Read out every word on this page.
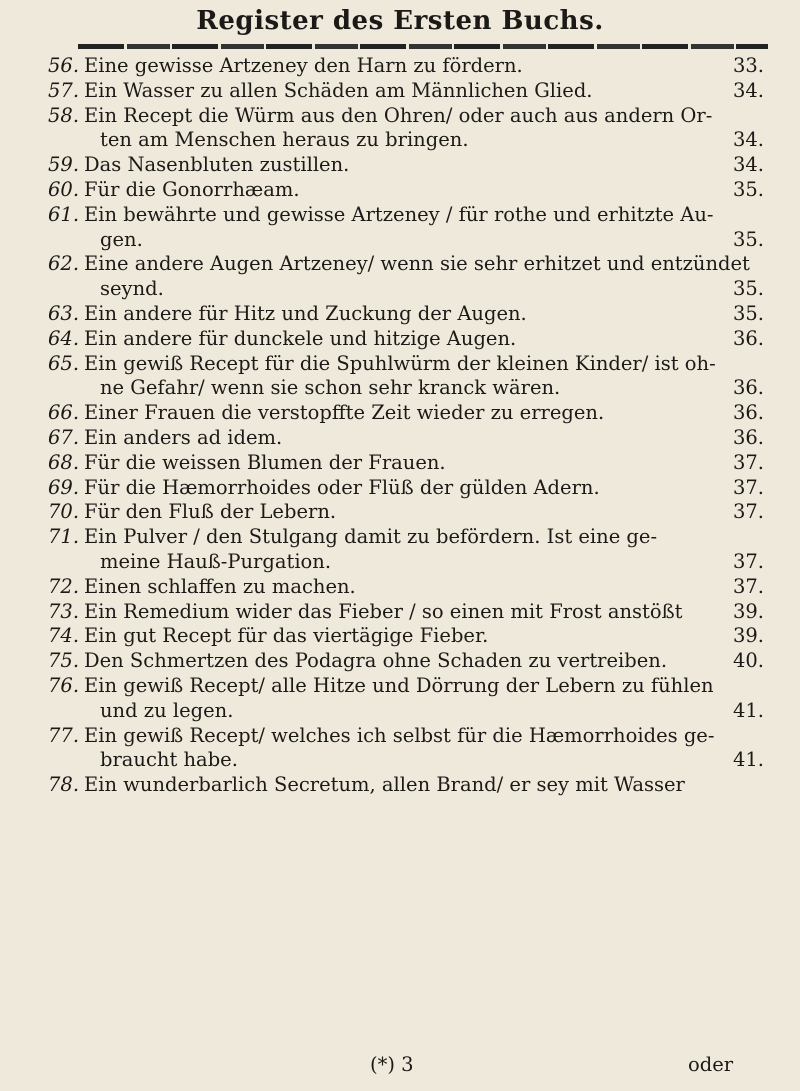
Register des Ersten Buchs.
56. Eine gewisse Artzeney den Harn zu fördern.	33.
57. Ein Wasser zu allen Schäden am Männlichen Glied.	34.
58. Ein Recept die Würm aus den Ohren/ oder auch aus andern Or-
ten am Menschen heraus zu bringen.	34.
59. Das Nasenbluten zustillen.	34.
60. Für die Gonorrhæam.	35.
61. Ein bewährte und gewisse Artzeney / für rothe und erhitzte Au-
gen.	35.
62. Eine andere Augen Artzeney/ wenn sie sehr erhitzet und entzündet
seynd.	35.
63. Ein andere für Hitz und Zuckung der Augen.	35.
64. Ein andere für dunckele und hitzige Augen.	36.
65. Ein gewiß Recept für die Spuhlwürm der kleinen Kinder/ ist oh-
ne Gefahr/ wenn sie schon sehr kranck wären.	36.
66. Einer Frauen die verstopffte Zeit wieder zu erregen.	36.
67. Ein anders ad idem.	36.
68. Für die weissen Blumen der Frauen.	37.
69. Für die Hæmorrhoides oder Flüß der gülden Adern.	37.
70. Für den Fluß der Lebern.	37.
71. Ein Pulver / den Stulgang damit zu befördern. Ist eine ge-
meine Hauß-Purgation.	37.
72. Einen schlaffen zu machen.	37.
73. Ein Remedium wider das Fieber / so einen mit Frost anstößt	39.
74. Ein gut Recept für das viertägige Fieber.	39.
75. Den Schmertzen des Podagra ohne Schaden zu vertreiben.	40.
76. Ein gewiß Recept/ alle Hitze und Dörrung der Lebern zu fühlen
und zu legen.	41.
77. Ein gewiß Recept/ welches ich selbst für die Hæmorrhoides ge-
braucht habe.	41.
78. Ein wunderbarlich Secretum, allen Brand/ er sey mit Wasser
(*) 3	oder
